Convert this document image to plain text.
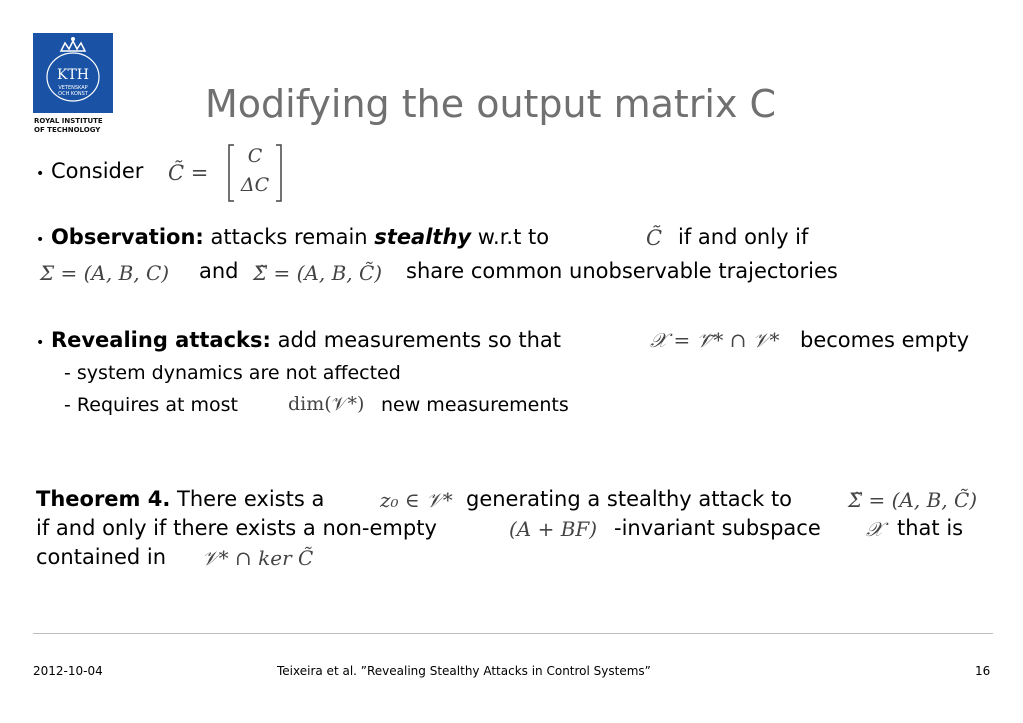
KTH
VETENSKAP
OCH KONST
ROYAL INSTITUTE
OF TECHNOLOGY
Modifying the output matrix C
• Consider C̃ =
C
ΔC
• Observation: attacks remain stealthy w.r.t to	C̃ if and only if
Σ = (A, B, C) and Σ̃ = (A, B, C̃) share common unobservable trajectories
• Revealing attacks: add measurements so that	𝒳 = 𝒱̃* ∩ 𝒱* becomes empty
- system dynamics are not affected
- Requires at most	dim(𝒱*) new measurements
Theorem 4. There exists a	z₀ ∈ 𝒱* generating a stealthy attack to	Σ̃ = (A, B, C̃)
if and only if there exists a non-empty	(A + BF) -invariant subspace 𝒳 that is
contained in 𝒱* ∩ ker C̃
2012-10-04	Teixeira et al. ”Revealing Stealthy Attacks in Control Systems”	16
